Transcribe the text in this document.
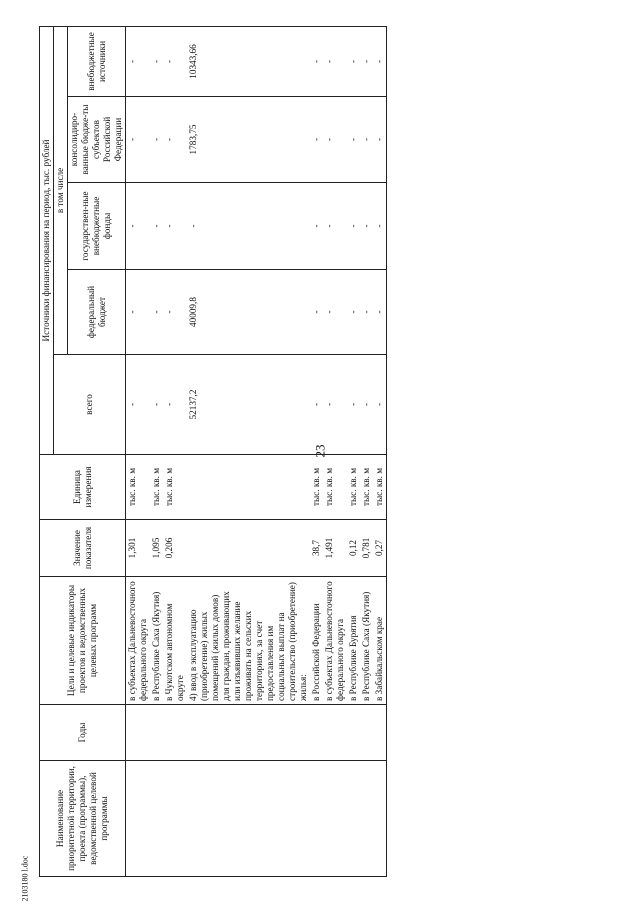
23
Наименование приоритетной территории, проекта (программы), ведомственной целевой программы	Годы	Цели и целевые индикаторы проектов и ведомственных целевых программ	Значение показателя	Единица измерения	Источники финансирования на период, тыс. рублей				
					всего	в том числе			
						федеральный бюджет	государствен-ные внебюджетные фонды	консолидиро-ванные бюдже-ты субъектов Российской Федерации	внебюджетные источники
		в субъектах Дальневосточного федерального округа	1,301	тыс. кв. м	-	-	-	-	-
		в Республике Саха (Якутия)	1,095	тыс. кв. м	-	-	-	-	-
		в Чукотском автономном округе	0,206	тыс. кв. м	-	-	-	-	-
		4) ввод в эксплуатацию (приобретение) жилых помещений (жилых домов) для граждан, проживающих или изъявивших желание проживать на сельских территориях, за счет предоставления им социальных выплат на строительство (приобретение) жилья:			52137,2	40009,8	-	1783,75	10343,66
		в Российской Федерации	38,7	тыс. кв. м	-	-	-	-	-
		в субъектах Дальневосточного федерального округа	1,491	тыс. кв. м	-	-	-	-	-
		в Республике Бурятия	0,12	тыс. кв. м	-	-	-	-	-
		в Республике Саха (Якутия)	0,781	тыс. кв. м	-	-	-	-	-
		в Забайкальском крае	0,27	тыс. кв. м	-	-	-	-	-
2103180 l.doc
